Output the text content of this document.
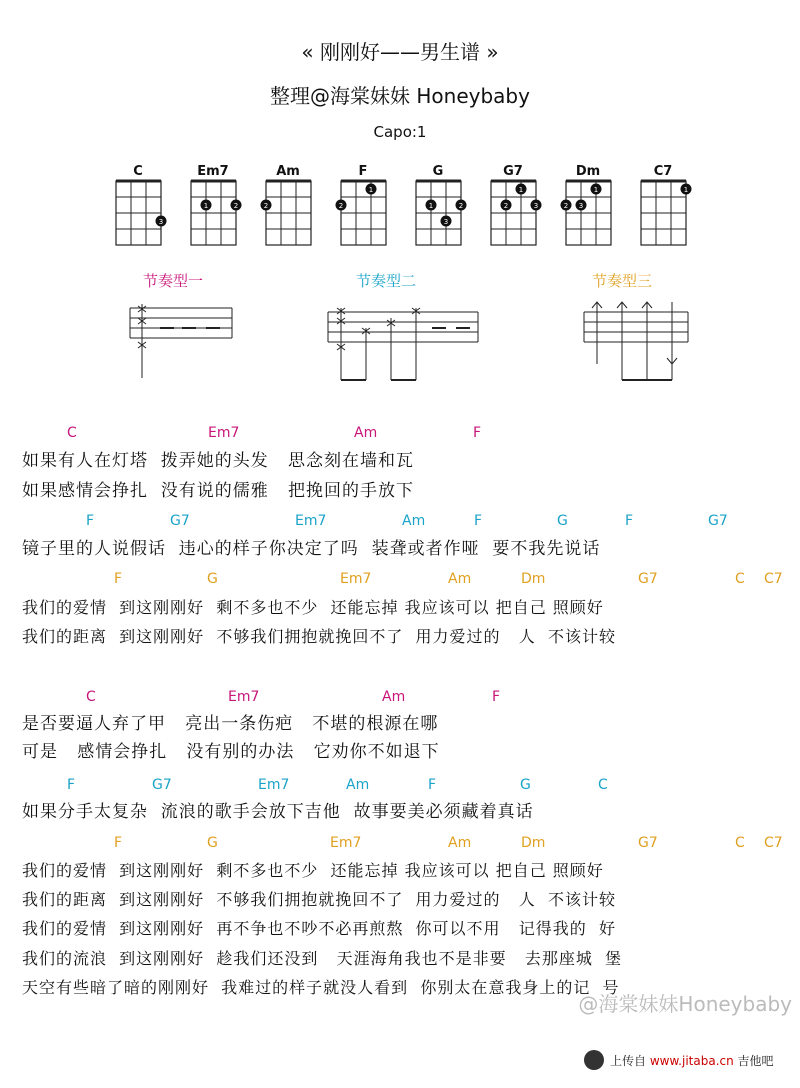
« 刚刚好——男生谱 »
整理@海棠妹妹 Honeybaby
Capo:1
C	Em7	Am	F	G	G7	Dm	C7
3
1	2	2
1
2	1	2
3
1
2	3
1
2 3
1
节奏型一	节奏型二	节奏型三
C	Em7	Am	F
如果有人在灯塔  拨弄她的头发   思念刻在墙和瓦
如果感情会挣扎  没有说的儒雅   把挽回的手放下
F	G7	Em7	Am	F	G	F	G7
镜子里的人说假话  违心的样子你决定了吗  装聋或者作哑  要不我先说话
F	G	Em7	Am	Dm	G7	C C7
我们的爱情  到这刚刚好  剩不多也不少  还能忘掉 我应该可以 把自己 照顾好
我们的距离  到这刚刚好  不够我们拥抱就挽回不了  用力爱过的   人  不该计较
C	Em7	Am	F
是否要逼人弃了甲   亮出一条伤疤   不堪的根源在哪
可是   感情会挣扎   没有别的办法   它劝你不如退下
F	G7	Em7	Am	F	G	C
如果分手太复杂  流浪的歌手会放下吉他  故事要美必须藏着真话
F	G	Em7	Am	Dm	G7	C C7
我们的爱情  到这刚刚好  剩不多也不少  还能忘掉 我应该可以 把自己 照顾好
我们的距离  到这刚刚好  不够我们拥抱就挽回不了  用力爱过的   人  不该计较
我们的爱情  到这刚刚好  再不争也不吵不必再煎熬  你可以不用   记得我的  好
我们的流浪  到这刚刚好  趁我们还没到   天涯海角我也不是非要   去那座城  堡
天空有些暗了暗的刚刚好  我难过的样子就没人看到  你别太在意我身上的记  号
@海棠妹妹Honeybaby
上传自 www.jitaba.cn 吉他吧
